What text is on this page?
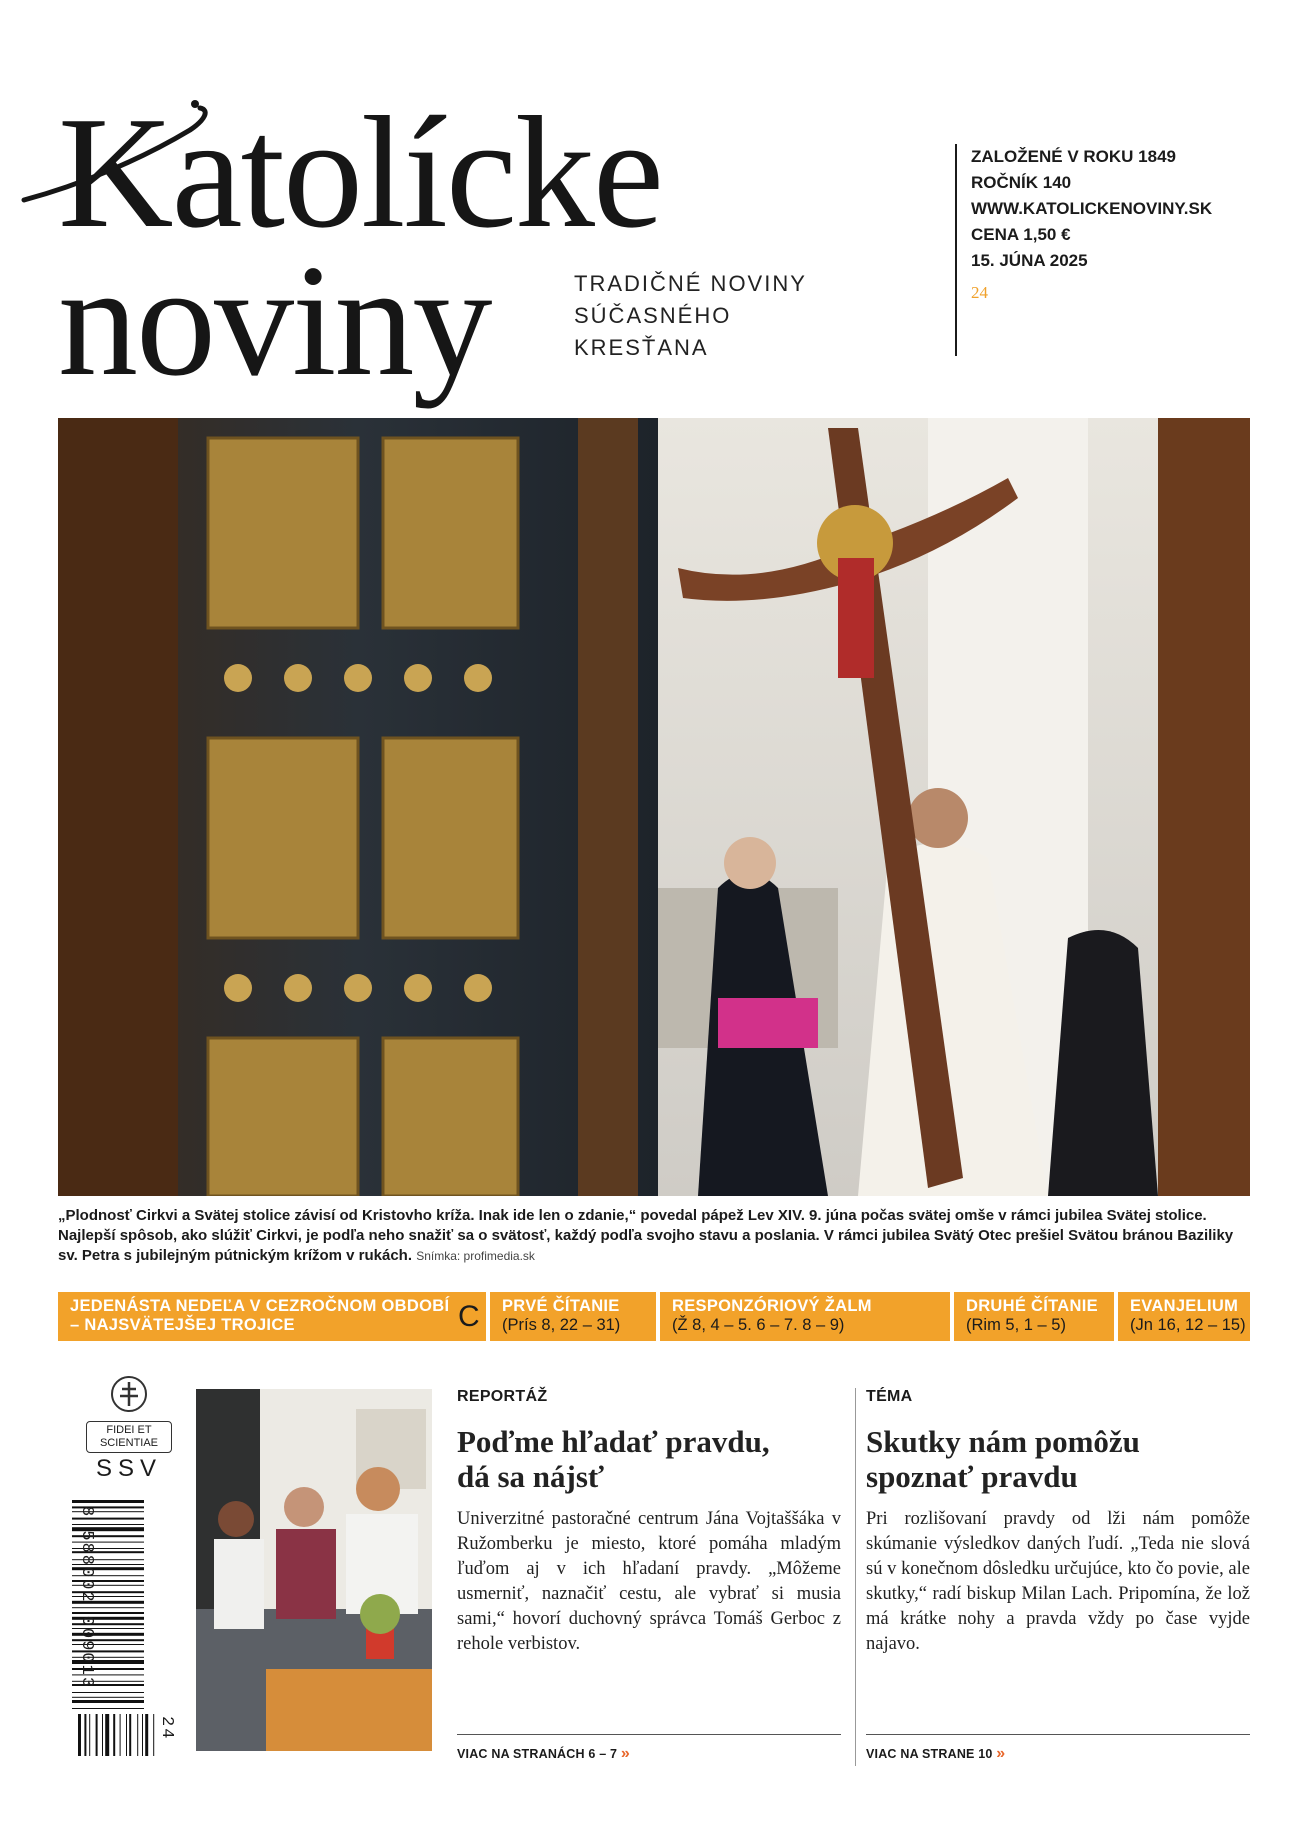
Katolícke
noviny	TRADIČNÉ NOVINY
SÚČASNÉHO
KRESŤANA
ZALOŽENÉ V ROKU 1849
ROČNÍK 140
WWW.KATOLICKENOVINY.SK
CENA 1,50 €
15. JÚNA 2025
24
„Plodnosť Cirkvi a Svätej stolice závisí od Kristovho kríža. Inak ide len o zdanie,“ povedal pápež Lev XIV. 9. júna počas svätej omše v rámci jubilea Svätej stolice. Najlepší spôsob, ako slúžiť Cirkvi, je podľa neho snažiť sa o svätosť, každý podľa svojho stavu a poslania. V rámci jubilea Svätý Otec prešiel Svätou bránou Baziliky sv. Petra s jubilejným pútnickým krížom v rukách. Snímka: profimedia.sk
JEDENÁSTA NEDEĽA V CEZROČNOM OBDOBÍ
– NAJSVÄTEJŠEJ TROJICE	C PRVÉ ČÍTANIE
(Prís 8, 22 – 31)
RESPONZÓRIOVÝ ŽALM
(Ž 8, 4 – 5. 6 – 7. 8 – 9)
DRUHÉ ČÍTANIE
(Rim 5, 1 – 5)
EVANJELIUM
(Jn 16, 12 – 15)
FIDEI ET
SCIENTIAE
SSV
8 588002 009013
24
REPORTÁŽ
Poďme hľadať pravdu,
dá sa nájsť
Univerzitné pastoračné centrum Jána Vojtaššáka v Ružomberku je miesto, ktoré pomáha mladým ľuďom aj v ich hľadaní pravdy. „Môžeme usmerniť, naznačiť cestu, ale vybrať si musia sami,“ hovorí duchovný správca Tomáš Gerboc z rehole verbistov.
VIAC NA STRANÁCH 6 – 7 »
TÉMA
Skutky nám pomôžu
spoznať pravdu
Pri rozlišovaní pravdy od lži nám pomôže skúmanie výsledkov daných ľudí. „Teda nie slová sú v konečnom dôsledku určujúce, kto čo povie, ale skutky,“ radí biskup Milan Lach. Pripomína, že lož má krátke nohy a pravda vždy po čase vyjde najavo.
VIAC NA STRANE 10 »
